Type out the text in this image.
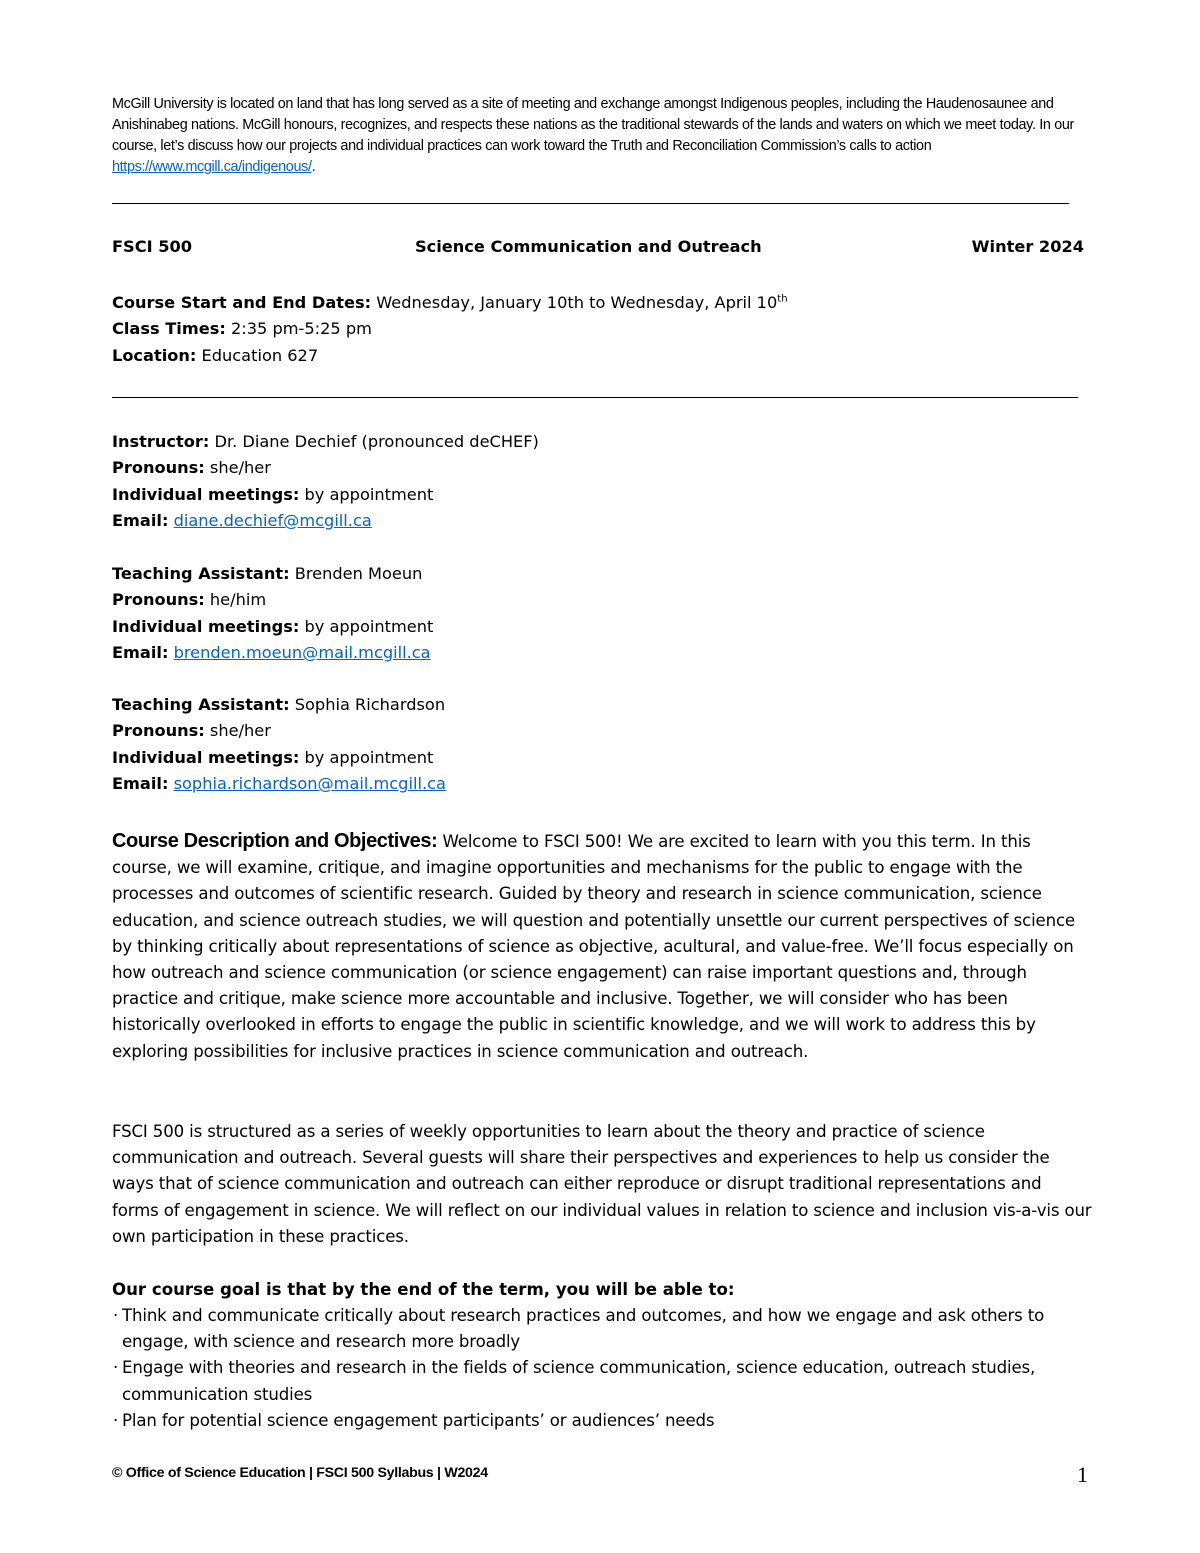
McGill University is located on land that has long served as a site of meeting and exchange amongst Indigenous peoples, including the Haudenosaunee and Anishinabeg nations. McGill honours, recognizes, and respects these nations as the traditional stewards of the lands and waters on which we meet today. In our course, let’s discuss how our projects and individual practices can work toward the Truth and Reconciliation Commission’s calls to action https://www.mcgill.ca/indigenous/.
FSCI 500	Science Communication and Outreach	Winter 2024
Course Start and End Dates: Wednesday, January 10th to Wednesday, April 10th
Class Times: 2:35 pm-5:25 pm
Location: Education 627
Instructor: Dr. Diane Dechief (pronounced deCHEF)
Pronouns: she/her
Individual meetings: by appointment
Email: diane.dechief@mcgill.ca
Teaching Assistant: Brenden Moeun
Pronouns: he/him
Individual meetings: by appointment
Email: brenden.moeun@mail.mcgill.ca
Teaching Assistant: Sophia Richardson
Pronouns: she/her
Individual meetings: by appointment
Email: sophia.richardson@mail.mcgill.ca
Course Description and Objectives: Welcome to FSCI 500! We are excited to learn with you this term. In this course, we will examine, critique, and imagine opportunities and mechanisms for the public to engage with the processes and outcomes of scientific research. Guided by theory and research in science communication, science education, and science outreach studies, we will question and potentially unsettle our current perspectives of science by thinking critically about representations of science as objective, acultural, and value-free. We’ll focus especially on how outreach and science communication (or science engagement) can raise important questions and, through practice and critique, make science more accountable and inclusive. Together, we will consider who has been historically overlooked in efforts to engage the public in scientific knowledge, and we will work to address this by exploring possibilities for inclusive practices in science communication and outreach.
FSCI 500 is structured as a series of weekly opportunities to learn about the theory and practice of science communication and outreach. Several guests will share their perspectives and experiences to help us consider the ways that of science communication and outreach can either reproduce or disrupt traditional representations and forms of engagement in science. We will reflect on our individual values in relation to science and inclusion vis-a-vis our own participation in these practices.
Our course goal is that by the end of the term, you will be able to:
· Think and communicate critically about research practices and outcomes, and how we engage and ask others to engage, with science and research more broadly
· Engage with theories and research in the fields of science communication, science education, outreach studies, communication studies
· Plan for potential science engagement participants’ or audiences’ needs
© Office of Science Education | FSCI 500 Syllabus | W2024	1
